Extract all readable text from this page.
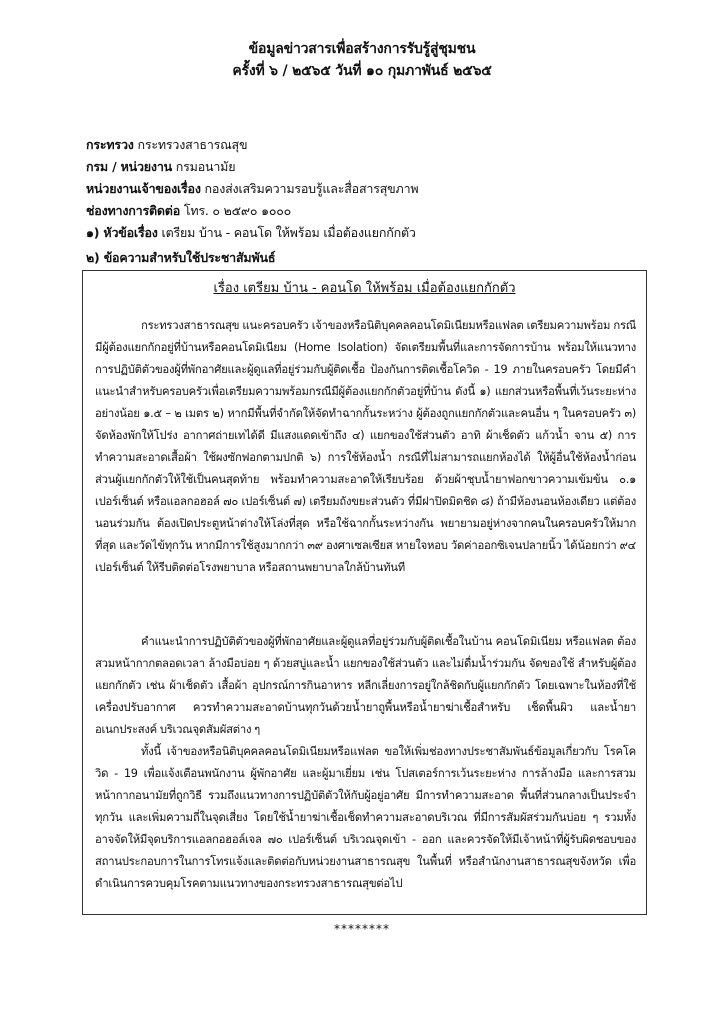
ข้อมูลข่าวสารเพื่อสร้างการรับรู้สู่ชุมชน
ครั้งที่ ๖ / ๒๕๖๕ วันที่ ๑๐ กุมภาพันธ์ ๒๕๖๕
กระทรวง กระทรวงสาธารณสุข
กรม / หน่วยงาน กรมอนามัย
หน่วยงานเจ้าของเรื่อง กองส่งเสริมความรอบรู้และสื่อสารสุขภาพ
ช่องทางการติดต่อ โทร. ๐ ๒๕๙๐ ๑๐๐๐
๑) หัวข้อเรื่อง เตรียม บ้าน - คอนโด ให้พร้อม เมื่อต้องแยกกักตัว
๒) ข้อความสำหรับใช้ประชาสัมพันธ์
เรื่อง เตรียม บ้าน - คอนโด ให้พร้อม เมื่อต้องแยกกักตัว
กระทรวงสาธารณสุข แนะครอบครัว เจ้าของหรือนิติบุคคลคอนโดมิเนียมหรือแฟลต เตรียมความพร้อม กรณีมีผู้ต้องแยกกักอยู่ที่บ้านหรือคอนโดมิเนียม (Home Isolation) จัดเตรียมพื้นที่และการจัดการบ้าน พร้อมให้แนวทางการปฏิบัติตัวของผู้ที่พักอาศัยและผู้ดูแลที่อยู่ร่วมกับผู้ติดเชื้อ ป้องกันการติดเชื้อโควิด - 19 ภายในครอบครัว โดยมีคำแนะนำสำหรับครอบครัวเพื่อเตรียมความพร้อมกรณีมีผู้ต้องแยกกักตัวอยู่ที่บ้าน ดังนี้ ๑) แยกส่วนหรือพื้นที่เว้นระยะห่างอย่างน้อย ๑.๕ – ๒ เมตร ๒) หากมีพื้นที่จำกัดให้จัดทำฉากกั้นระหว่าง ผู้ต้องถูกแยกกักตัวและคนอื่น ๆ ในครอบครัว ๓) จัดห้องพักให้โปร่ง อากาศถ่ายเทได้ดี มีแสงแดดเข้าถึง ๔) แยกของใช้ส่วนตัว อาทิ ผ้าเช็ดตัว แก้วน้ำ จาน ๕) การทำความสะอาดเสื้อผ้า ใช้ผงซักฟอกตามปกติ ๖) การใช้ห้องน้ำ กรณีที่ไม่สามารถแยกห้องได้ ให้ผู้อื่นใช้ห้องน้ำก่อน ส่วนผู้แยกกักตัวให้ใช้เป็นคนสุดท้าย พร้อมทำความสะอาดให้เรียบร้อย ด้วยผ้าชุบน้ำยาฟอกขาวความเข้มข้น ๐.๑ เปอร์เซ็นต์ หรือแอลกอฮอล์ ๗๐ เปอร์เซ็นต์ ๗) เตรียมถังขยะส่วนตัว ที่มีฝาปิดมิดชิด ๘) ถ้ามีห้องนอนห้องเดียว แต่ต้องนอนร่วมกัน ต้องเปิดประตูหน้าต่างให้โล่งที่สุด หรือใช้ฉากกั้นระหว่างกัน พยายามอยู่ห่างจากคนในครอบครัวให้มากที่สุด และวัดไข้ทุกวัน หากมีการใช้สูงมากกว่า ๓๙ องศาเซลเซียส หายใจหอบ วัดค่าออกซิเจนปลายนิ้ว ได้น้อยกว่า ๙๔ เปอร์เซ็นต์ ให้รีบติดต่อโรงพยาบาล หรือสถานพยาบาลใกล้บ้านทันที
คำแนะนำการปฏิบัติตัวของผู้ที่พักอาศัยและผู้ดูแลที่อยู่ร่วมกับผู้ติดเชื้อในบ้าน คอนโดมิเนียม หรือแฟลต ต้องสวมหน้ากากตลอดเวลา ล้างมือบ่อย ๆ ด้วยสบู่และน้ำ แยกของใช้ส่วนตัว และไม่ดื่มน้ำร่วมกัน จัดของใช้ สำหรับผู้ต้องแยกกักตัว เช่น ผ้าเช็ดตัว เสื้อผ้า อุปกรณ์การกินอาหาร หลีกเลี่ยงการอยู่ใกล้ชิดกับผู้แยกกักตัว โดยเฉพาะในห้องที่ใช้เครื่องปรับอากาศ ควรทำความสะอาดบ้านทุกวันด้วยน้ำยาถูพื้นหรือน้ำยาฆ่าเชื้อสำหรับ เช็ดพื้นผิว และน้ำยาอเนกประสงค์ บริเวณจุดสัมผัสต่าง ๆ
ทั้งนี้ เจ้าของหรือนิติบุคคลคอนโดมิเนียมหรือแฟลต ขอให้เพิ่มช่องทางประชาสัมพันธ์ข้อมูลเกี่ยวกับ โรคโควิด - 19 เพื่อแจ้งเตือนพนักงาน ผู้พักอาศัย และผู้มาเยี่ยม เช่น โปสเตอร์การเว้นระยะห่าง การล้างมือ และการสวมหน้ากากอนามัยที่ถูกวิธี รวมถึงแนวทางการปฏิบัติตัวให้กับผู้อยู่อาศัย มีการทำความสะอาด พื้นที่ส่วนกลางเป็นประจำทุกวัน และเพิ่มความถี่ในจุดเสี่ยง โดยใช้น้ำยาฆ่าเชื้อเช็ดทำความสะอาดบริเวณ ที่มีการสัมผัสร่วมกันบ่อย ๆ รวมทั้งอาจจัดให้มีจุดบริการแอลกอฮอล์เจล ๗๐ เปอร์เซ็นต์ บริเวณจุดเข้า - ออก และควรจัดให้มีเจ้าหน้าที่ผู้รับผิดชอบของสถานประกอบการในการโทรแจ้งและติดต่อกับหน่วยงานสาธารณสุข ในพื้นที่ หรือสำนักงานสาธารณสุขจังหวัด เพื่อดำเนินการควบคุมโรคตามแนวทางของกระทรวงสาธารณสุขต่อไป
********
